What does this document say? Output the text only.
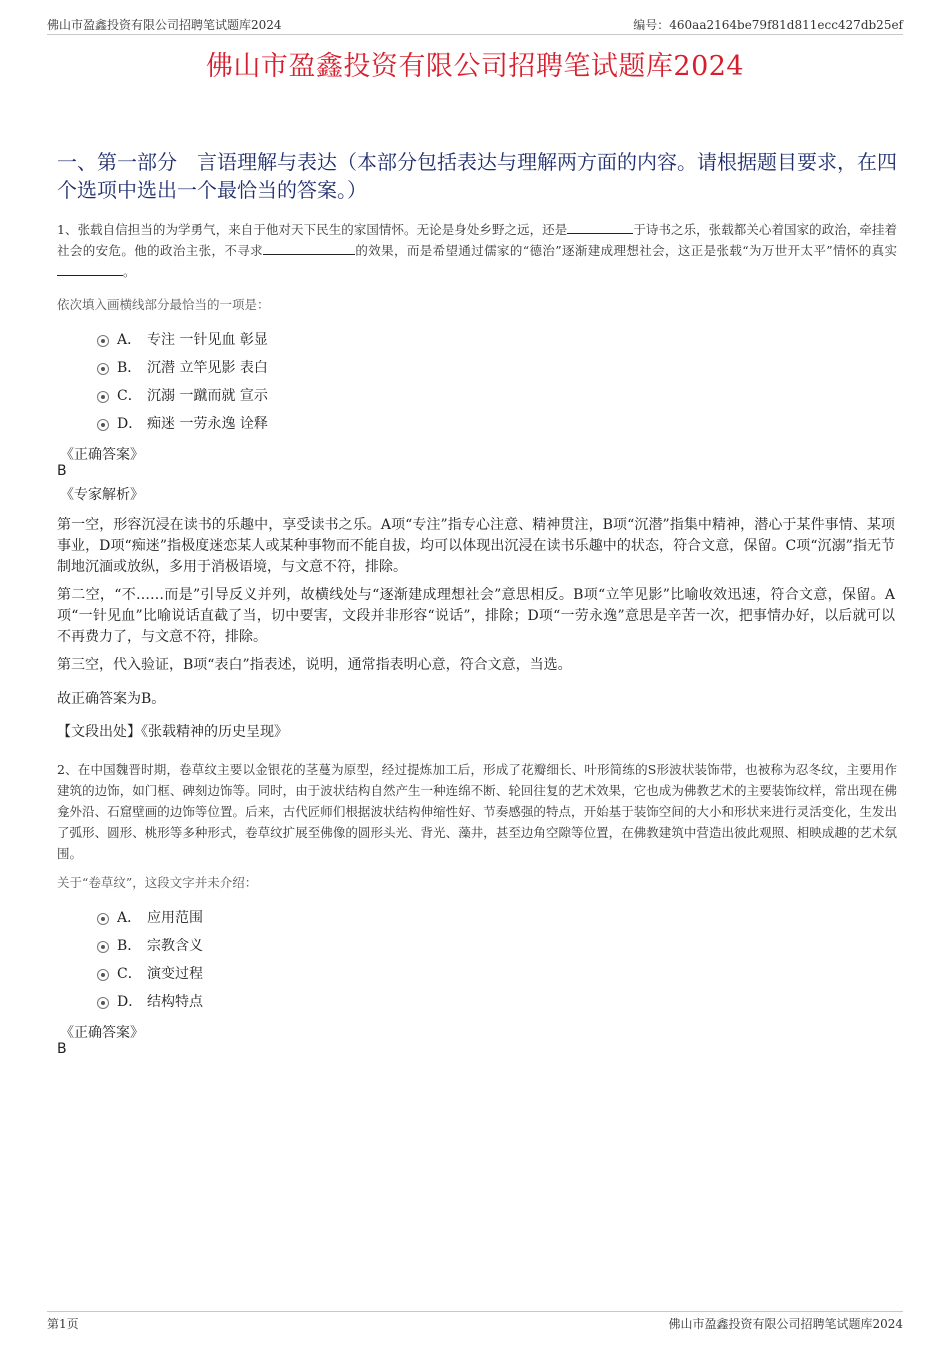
佛山市盈鑫投资有限公司招聘笔试题库2024	编号：460aa2164be79f81d811ecc427db25ef
佛山市盈鑫投资有限公司招聘笔试题库2024
一、第一部分　言语理解与表达（本部分包括表达与理解两方面的内容。请根据题目要求，在四个选项中选出一个最恰当的答案。）
1、张载自信担当的为学勇气，来自于他对天下民生的家国情怀。无论是身处乡野之远，还是	于诗书之乐，张载都关心着国家的政治，牵挂着社会的安危。他的政治主张，不寻求	的效果，而是希望通过儒家的“德治”逐渐建成理想社会，这正是张载“为万世开太平”情怀的真实。
依次填入画横线部分最恰当的一项是：
A． 专注 一针见血 彰显
B． 沉潜 立竿见影 表白
C． 沉溺 一蹴而就 宣示
D． 痴迷 一劳永逸 诠释
《正确答案》
B
《专家解析》
第一空，形容沉浸在读书的乐趣中，享受读书之乐。A项“专注”指专心注意、精神贯注，B项“沉潜”指集中精神，潜心于某件事情、某项事业，D项“痴迷”指极度迷恋某人或某种事物而不能自拔，均可以体现出沉浸在读书乐趣中的状态，符合文意，保留。C项“沉溺”指无节制地沉湎或放纵，多用于消极语境，与文意不符，排除。
第二空，“不……而是”引导反义并列，故横线处与“逐渐建成理想社会”意思相反。B项“立竿见影”比喻收效迅速，符合文意，保留。A项“一针见血”比喻说话直截了当，切中要害，文段并非形容“说话”，排除；D项“一劳永逸”意思是辛苦一次，把事情办好，以后就可以不再费力了，与文意不符，排除。
第三空，代入验证，B项“表白”指表述，说明，通常指表明心意，符合文意，当选。
故正确答案为B。
【文段出处】《张载精神的历史呈现》
2、在中国魏晋时期，卷草纹主要以金银花的茎蔓为原型，经过提炼加工后，形成了花瓣细长、叶形简练的S形波状装饰带，也被称为忍冬纹，主要用作建筑的边饰，如门框、碑刻边饰等。同时，由于波状结构自然产生一种连绵不断、轮回往复的艺术效果，它也成为佛教艺术的主要装饰纹样，常出现在佛龛外沿、石窟壁画的边饰等位置。后来，古代匠师们根据波状结构伸缩性好、节奏感强的特点，开始基于装饰空间的大小和形状来进行灵活变化，生发出了弧形、圆形、桃形等多种形式，卷草纹扩展至佛像的圆形头光、背光、藻井，甚至边角空隙等位置，在佛教建筑中营造出彼此观照、相映成趣的艺术氛围。
关于“卷草纹”，这段文字并未介绍：
A． 应用范围
B． 宗教含义
C． 演变过程
D． 结构特点
《正确答案》
B
第1页	佛山市盈鑫投资有限公司招聘笔试题库2024
